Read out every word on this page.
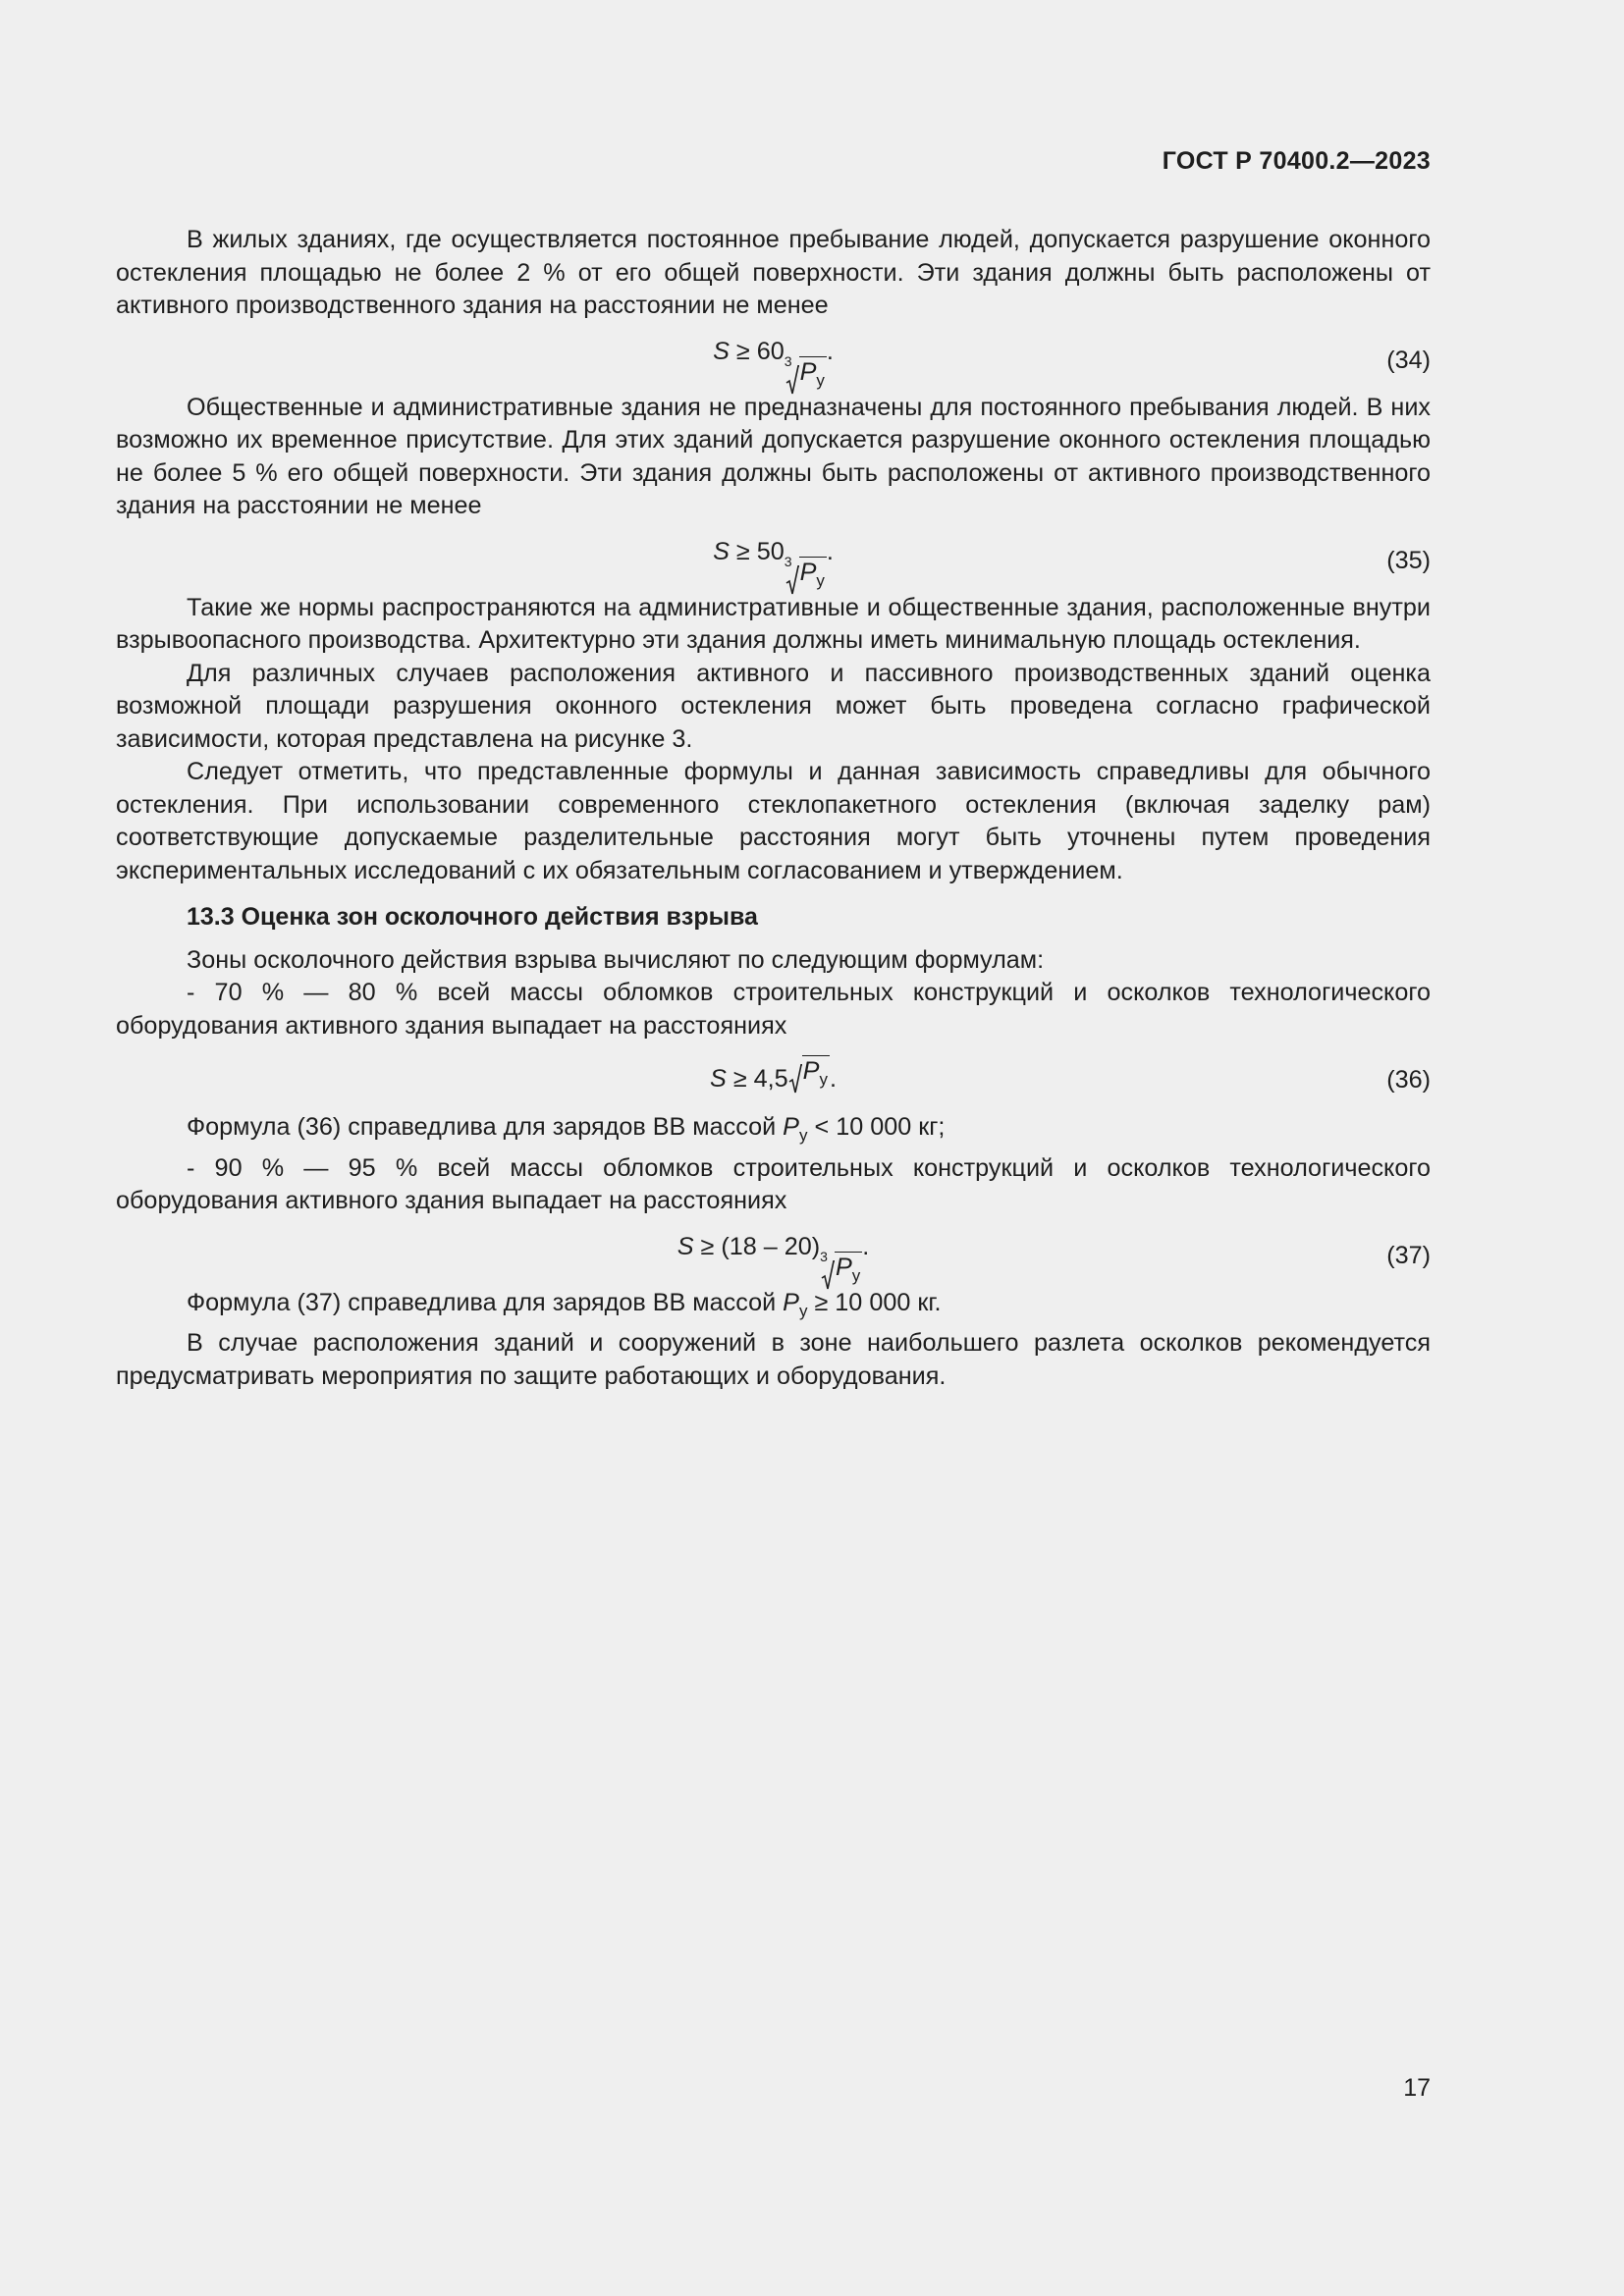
ГОСТ Р 70400.2—2023

В жилых зданиях, где осуществляется постоянное пребывание людей, допускается разрушение оконного остекления площадью не более 2 % от его общей поверхности. Эти здания должны быть расположены от активного производственного здания на расстоянии не менее

S ≥ 60 3 $P_у$
.	(34)

Общественные и административные здания не предназначены для постоянного пребывания людей. В них возможно их временное присутствие. Для этих зданий допускается разрушение оконного остекления площадью не более 5 % его общей поверхности. Эти здания должны быть расположены от активного производственного здания на расстоянии не менее

S ≥ 50 3 $P_у$
.	(35)

Такие же нормы распространяются на административные и общественные здания, расположенные внутри взрывоопасного производства. Архитектурно эти здания должны иметь минимальную площадь остекления.

Для различных случаев расположения активного и пассивного производственных зданий оценка возможной площади разрушения оконного остекления может быть проведена согласно графической зависимости, которая представлена на рисунке 3.

Следует отметить, что представленные формулы и данная зависимость справедливы для обычного остекления. При использовании современного стеклопакетного остекления (включая заделку рам) соответствующие допускаемые разделительные расстояния могут быть уточнены путем проведения экспериментальных исследований с их обязательным согласованием и утверждением.

13.3 Оценка зон осколочного действия взрыва

Зоны осколочного действия взрыва вычисляют по следующим формулам:

- 70 % — 80 % всей массы обломков строительных конструкций и осколков технологического оборудования активного здания выпадает на расстояниях

S ≥ 4,5 $P_у$ .	(36)

Формула (36) справедлива для зарядов ВВ массой $P_у < 10$ 000 кг;

- 90 % — 95 % всей массы обломков строительных конструкций и осколков технологического оборудования активного здания выпадает на расстояниях

S ≥ (18 – 20) 3 $P_у$
.	(37)

Формула (37) справедлива для зарядов ВВ массой $P_у \ge 10$ 000 кг.

В случае расположения зданий и сооружений в зоне наибольшего разлета осколков рекомендуется предусматривать мероприятия по защите работающих и оборудования.

17
